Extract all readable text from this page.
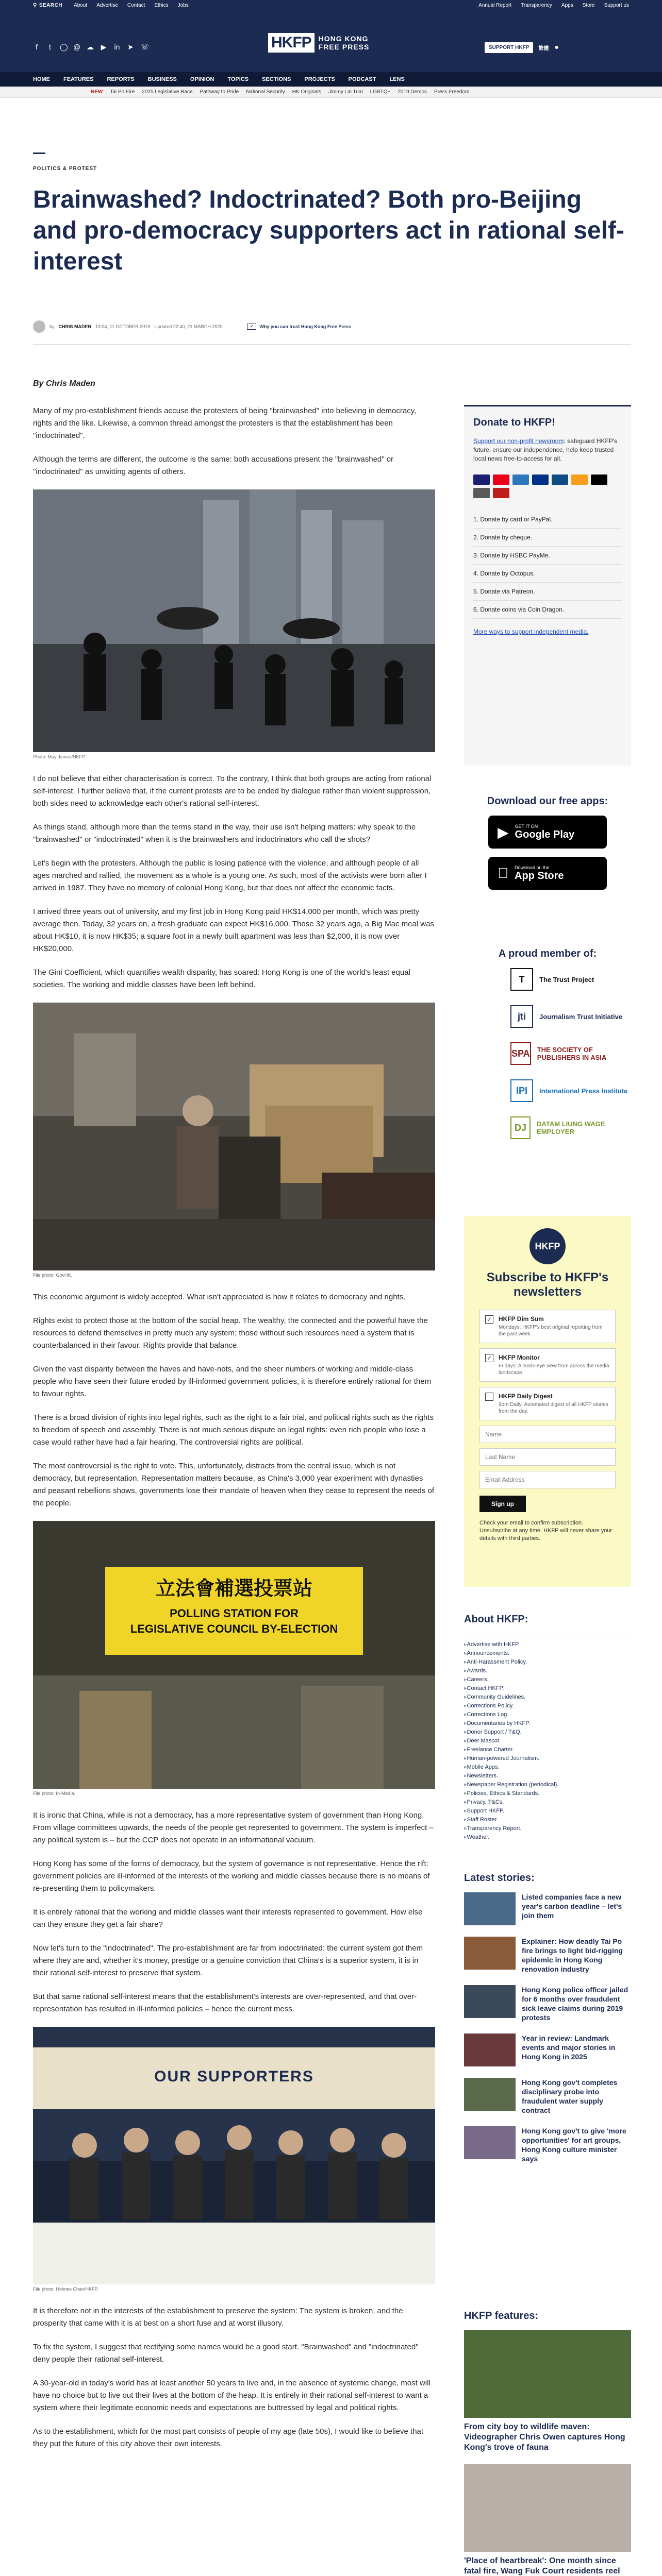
⚲ SEARCH About Advertise Contact Ethics Jobs	Annual Report Transparency Apps Store Support us
f	t	◯ @ ☁ ▶ in ➤ ☏	HKFP	HONG KONG
FREE PRESS	SUPPORT HKFP	繁體 ☻
HOME FEATURES REPORTS BUSINESS OPINION TOPICS SECTIONS PROJECTS PODCAST LENS
NEW Tai Po Fire 2025 Legislative Race Pathway to Pride National Security HK Originals Jimmy Lai Trial LGBTQ+ 2019 Demos Press Freedom
POLITICS & PROTEST
Brainwashed? Indoctrinated? Both pro-Beijing and pro-democracy supporters act in rational self-interest
by CHRIS MADEN 13:04, 11 OCTOBER 2019 · Updated 22:40, 21 MARCH 2020	✓	Why you can trust Hong Kong Free Press
By Chris Maden

Many of my pro-establishment friends accuse the protesters of being "brainwashed" into believing in democracy, rights and the like. Likewise, a common thread amongst the protesters is that the establishment has been "indoctrinated".

Although the terms are different, the outcome is the same: both accusations present the "brainwashed" or "indoctrinated" as unwitting agents of others.

Photo: May James/HKFP.

I do not believe that either characterisation is correct. To the contrary, I think that both groups are acting from rational self-interest. I further believe that, if the current protests are to be ended by dialogue rather than violent suppression, both sides need to acknowledge each other's rational self-interest.

As things stand, although more than the terms stand in the way, their use isn't helping matters: why speak to the "brainwashed" or "indoctrinated" when it is the brainwashers and indoctrinators who call the shots?

Let's begin with the protesters. Although the public is losing patience with the violence, and although people of all ages marched and rallied, the movement as a whole is a young one. As such, most of the activists were born after I arrived in 1987. They have no memory of colonial Hong Kong, but that does not affect the economic facts.

I arrived three years out of university, and my first job in Hong Kong paid HK$14,000 per month, which was pretty average then. Today, 32 years on, a fresh graduate can expect HK$16,000. Those 32 years ago, a Big Mac meal was about HK$10, it is now HK$35; a square foot in a newly built apartment was less than $2,000, it is now over HK$20,000.

The Gini Coefficient, which quantifies wealth disparity, has soared: Hong Kong is one of the world's least equal societies. The working and middle classes have been left behind.

File photo: GovHK.

This economic argument is widely accepted. What isn't appreciated is how it relates to democracy and rights.

Rights exist to protect those at the bottom of the social heap. The wealthy, the connected and the powerful have the resources to defend themselves in pretty much any system; those without such resources need a system that is counterbalanced in their favour. Rights provide that balance.

Given the vast disparity between the haves and have-nots, and the sheer numbers of working and middle-class people who have seen their future eroded by ill-informed government policies, it is therefore entirely rational for them to favour rights.

There is a broad division of rights into legal rights, such as the right to a fair trial, and political rights such as the rights to freedom of speech and assembly. There is not much serious dispute on legal rights: even rich people who lose a case would rather have had a fair hearing. The controversial rights are political.

The most controversial is the right to vote. This, unfortunately, distracts from the central issue, which is not democracy, but representation. Representation matters because, as China's 3,000 year experiment with dynasties and peasant rebellions shows, governments lose their mandate of heaven when they cease to represent the needs of the people.

立法會補選投票站
POLLING STATION FOR
LEGISLATIVE COUNCIL BY-ELECTION
File photo: In-Media.

It is ironic that China, while is not a democracy, has a more representative system of government than Hong Kong. From village committees upwards, the needs of the people get represented to government. The system is imperfect – any political system is – but the CCP does not operate in an informational vacuum.

Hong Kong has some of the forms of democracy, but the system of governance is not representative. Hence the rift: government policies are ill-informed of the interests of the working and middle classes because there is no means of re-presenting them to policymakers.

It is entirely rational that the working and middle classes want their interests represented to government. How else can they ensure they get a fair share?

Now let's turn to the "indoctrinated". The pro-establishment are far from indoctrinated: the current system got them where they are and, whether it's money, prestige or a genuine conviction that China's is a superior system, it is in their rational self-interest to preserve that system.

But that same rational self-interest means that the establishment's interests are over-represented, and that over-representation has resulted in ill-informed policies – hence the current mess.

OUR SUPPORTERS
File photo: Holmes Chan/HKFP.

It is therefore not in the interests of the establishment to preserve the system: The system is broken, and the prosperity that came with it is at best on a short fuse and at worst illusory.

To fix the system, I suggest that rectifying some names would be a good start. "Brainwashed" and "indoctrinated" deny people their rational self-interest.

A 30-year-old in today's world has at least another 50 years to live and, in the absence of systemic change, most will have no choice but to live out their lives at the bottom of the heap. It is entirely in their rational self-interest to want a system where their legitimate economic needs and expectations are buttressed by legal and political rights.

As to the establishment, which for the most part consists of people of my age (late 50s), I would like to believe that they put the future of this city above their own interests.

Donate to HKFP!
Support our non-profit newsroom: safeguard HKFP's future, ensure our independence, help keep trusted local news free-to-access for all.
1. Donate by card or PayPal.
2. Donate by cheque.
3. Donate by HSBC PayMe.
4. Donate by Octopus.
5. Donate via Patreon.
6. Donate coins via Coin Dragon.
More ways to support independent media.
Download our free apps:
▶ GET IT ON
Google Play
Download on the
App Store
A proud member of:
T	The Trust Project
jti	Journalism Trust Initiative
SPA THE SOCIETY OF PUBLISHERS IN ASIA
IPI	International Press Institute
DJ	DATAM LIUNG WAGE EMPLOYER
HKFP
Subscribe to HKFP's newsletters
✓ HKFP Dim Sum
Mondays: HKFP's best original reporting from the past week.
✓ HKFP Monitor
Fridays: A lands-eye view from across the media landscape.
HKFP Daily Digest
9pm Daily: Automated digest of all HKFP stories from the day.
Name Last Name Email Address
Sign up
Check your email to confirm subscription. Unsubscribe at any time. HKFP will never share your details with third parties.
About HKFP:
▸ Advertise with HKFP.
▸ Announcements.
▸ Anti-Harassment Policy.
▸ Awards.
▸ Careers.
▸ Contact HKFP.
▸ Community Guidelines.
▸ Corrections Policy.
▸ Corrections Log.
▸ Documentaries by HKFP.
▸ Donor Support / T&Q.
▸ Deer Mascot.
▸ Freelance Charter.
▸ Human-powered Journalism.
▸ Mobile Apps.
▸ Newsletters.
▸ Newspaper Registration (periodical).
▸ Policies, Ethics & Standards.
▸ Privacy, T&Cs.
▸ Support HKFP.
▸ Staff Roster.
▸ Transparency Report.
▸ Weather.
Latest stories:
Listed companies face a new year's carbon deadline – let's join them
Explainer: How deadly Tai Po fire brings to light bid-rigging epidemic in Hong Kong renovation industry
Hong Kong police officer jailed for 6 months over fraudulent sick leave claims during 2019 protests
Year in review: Landmark events and major stories in Hong Kong in 2025
Hong Kong gov't completes disciplinary probe into fraudulent water supply contract
Hong Kong gov't to give 'more opportunities' for art groups, Hong Kong culture minister says
HKFP features:
From city boy to wildlife maven: Videographer Chris Owen captures Hong Kong's trove of fauna
'Place of heartbreak': One month since fatal fire, Wang Fuk Court residents reel
